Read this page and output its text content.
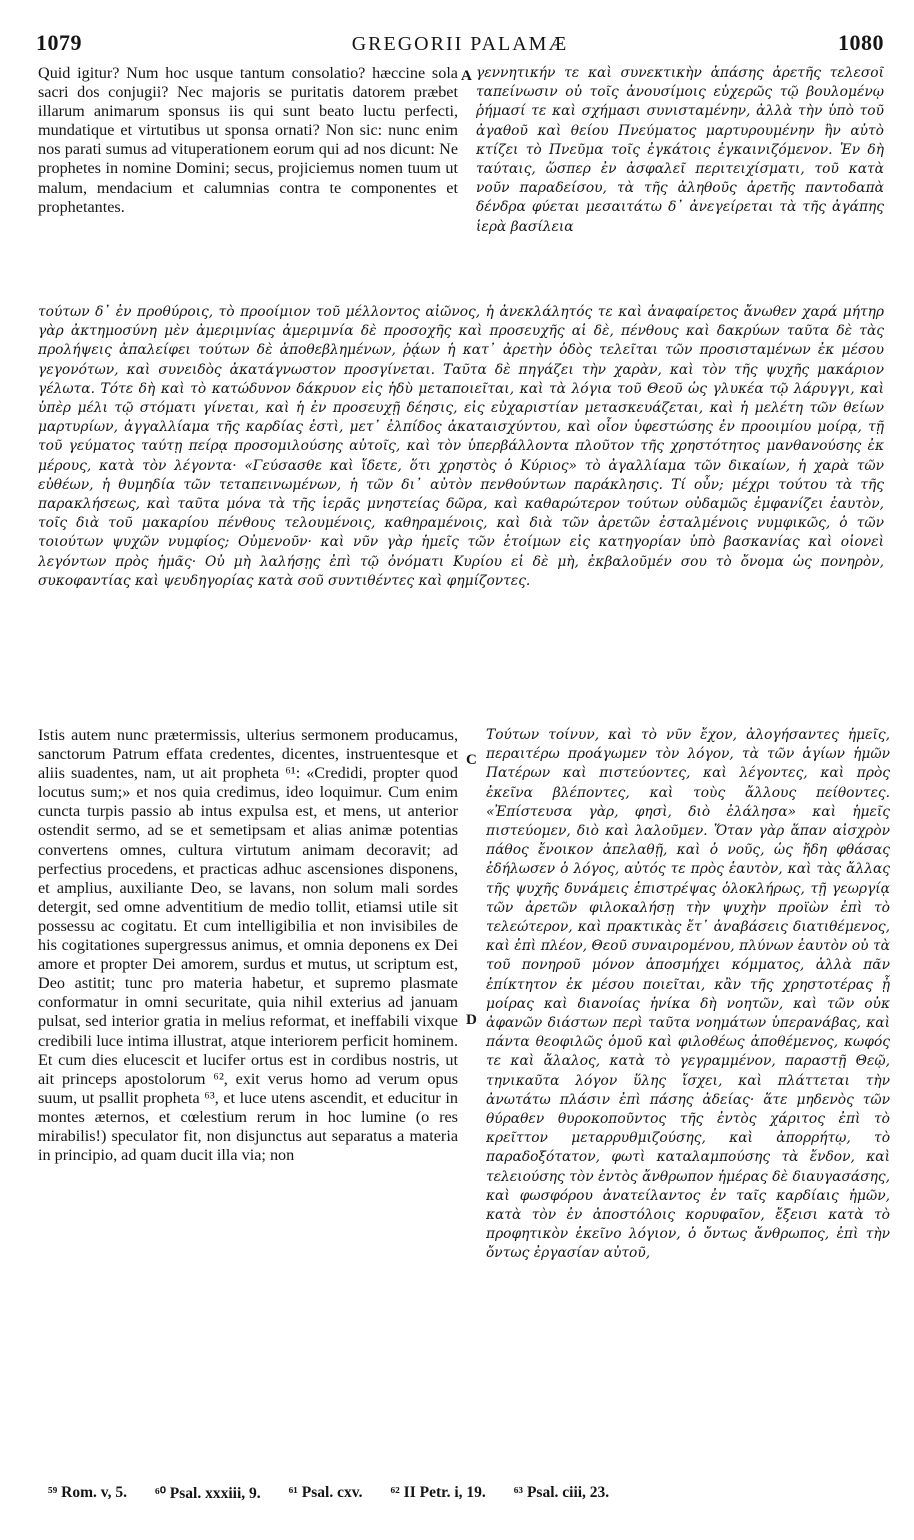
1079	GREGORII PALAMÆ	1080

Quid igitur? Num hoc usque tantum consolatio? hæccine sola sacri dos conjugii? Nec majoris se puritatis datorem præbet illarum animarum sponsus iis qui sunt beato luctu perfecti, mundatique et virtutibus ut sponsa ornati? Non sic: nunc enim nos parati sumus ad vituperationem eorum qui ad nos dicunt: Ne prophetes in nomine Domini; secus, projiciemus nomen tuum ut malum, mendacium et calumnias contra te componentes et prophetantes.

A γεννητικήν τε καὶ συνεκτικὴν ἁπάσης ἀρετῆς τελεσοῖ ταπείνωσιν οὐ τοῖς ἀνουσίμοις εὐχερῶς τῷ βουλομένῳ ῥήμασί τε καὶ σχήμασι συνισταμένην, ἀλλὰ τὴν ὑπὸ τοῦ ἀγαθοῦ καὶ θείου Πνεύματος μαρτυρουμένην ἣν αὐτὸ κτίζει τὸ Πνεῦμα τοῖς ἐγκάτοις ἐγκαινιζόμενον. Ἐν δὴ ταύταις, ὥσπερ ἐν ἀσφαλεῖ περιτειχίσματι, τοῦ κατὰ νοῦν παραδείσου, τὰ τῆς ἀληθοῦς ἀρετῆς παντοδαπὰ δένδρα φύεται μεσαιτάτω δ᾽ ἀνεγείρεται τὰ τῆς ἀγάπης ἱερὰ βασίλεια

τούτων δ᾽ ἐν προθύροις, τὸ προοίμιον τοῦ μέλλοντος αἰῶνος, ἡ ἀνεκλάλητός τε καὶ ἀναφαίρετος ἄνωθεν χαρά μήτηρ γὰρ ἀκτημοσύνη μὲν ἀμεριμνίας ἀμεριμνία δὲ προσοχῆς καὶ προσευχῆς αἱ δὲ, πένθους καὶ δακρύων ταῦτα δὲ τὰς προλήψεις ἀπαλείφει τούτων δὲ ἀποθεβλημένων, ῥᾴων ἡ κατ᾽ ἀρετὴν ὁδὸς τελεῖται τῶν προσισταμένων ἐκ μέσου γεγονότων, καὶ συνειδὸς ἀκατάγνωστον προσγίνεται. Ταῦτα δὲ πηγάζει τὴν χαρὰν, καὶ τὸν τῆς ψυχῆς μακάριον γέλωτα. Τότε δὴ καὶ τὸ κατώδυνον δάκρυον εἰς ἡδὺ μεταποιεῖται, καὶ τὰ λόγια τοῦ Θεοῦ ὡς γλυκέα τῷ λάρυγγι, καὶ ὑπὲρ μέλι τῷ στόματι γίνεται, καὶ ἡ ἐν προσευχῇ δέησις, εἰς εὐχαριστίαν μετασκευάζεται, καὶ ἡ μελέτη τῶν θείων μαρτυρίων, ἀγγαλλίαμα τῆς καρδίας ἐστὶ, μετ᾽ ἐλπίδος ἀκαταισχύντου, καὶ οἷον ὑφεστώσης ἐν προοιμίου μοίρᾳ, τῇ τοῦ γεύματος ταύτῃ πείρᾳ προσομιλούσης αὐτοῖς, καὶ τὸν ὑπερβάλλοντα πλοῦτον τῆς χρηστότητος μανθανούσης ἐκ μέρους, κατὰ τὸν λέγοντα· «Γεύσασθε καὶ ἴδετε, ὅτι χρηστὸς ὁ Κύριος» τὸ ἀγαλλίαμα τῶν δικαίων, ἡ χαρὰ τῶν εὐθέων, ἡ θυμηδία τῶν τεταπεινωμένων, ἡ τῶν δι᾽ αὐτὸν πενθούντων παράκλησις. Τί οὖν; μέχρι τούτου τὰ τῆς παρακλήσεως, καὶ ταῦτα μόνα τὰ τῆς ἱερᾶς μνηστείας δῶρα, καὶ καθαρώτερον τούτων οὐδαμῶς ἐμφανίζει ἑαυτὸν, τοῖς διὰ τοῦ μακαρίου πένθους τελουμένοις, καθηραμένοις, καὶ διὰ τῶν ἀρετῶν ἐσταλμένοις νυμφικῶς, ὁ τῶν τοιούτων ψυχῶν νυμφίος; Οὐμενοῦν· καὶ νῦν γὰρ ἡμεῖς τῶν ἑτοίμων εἰς κατηγορίαν ὑπὸ βασκανίας καὶ οἱονεὶ λεγόντων πρὸς ἡμᾶς· Οὐ μὴ λαλήσῃς ἐπὶ τῷ ὀνόματι Κυρίου εἰ δὲ μὴ, ἐκβαλοῦμέν σου τὸ ὄνομα ὡς πονηρὸν, συκοφαντίας καὶ ψευδηγορίας κατὰ σοῦ συντιθέντες καὶ φημίζοντες.

Istis autem nunc prætermissis, ulterius sermonem producamus, sanctorum Patrum effata credentes, dicentes, instruentesque et aliis suadentes, nam, ut ait propheta ⁶¹: «Credidi, propter quod locutus sum;» et nos quia credimus, ideo loquimur. Cum enim cuncta turpis passio ab intus expulsa est, et mens, ut anterior ostendit sermo, ad se et semetipsam et alias animæ potentias convertens omnes, cultura virtutum animam decoravit; ad perfectius procedens, et practicas adhuc ascensiones disponens, et amplius, auxiliante Deo, se lavans, non solum mali sordes detergit, sed omne adventitium de medio tollit, etiamsi utile sit possessu ac cogitatu. Et cum intelligibilia et non invisibiles de his cogitationes supergressus animus, et omnia deponens ex Dei amore et propter Dei amorem, surdus et mutus, ut scriptum est, Deo astitit; tunc pro materia habetur, et supremo plasmate conformatur in omni securitate, quia nihil exterius ad januam pulsat, sed interior gratia in melius reformat, et ineffabili vixque credibili luce intima illustrat, atque interiorem perficit hominem. Et cum dies elucescit et lucifer ortus est in cordibus nostris, ut ait princeps apostolorum ⁶², exit verus homo ad verum opus suum, ut psallit propheta ⁶³, et luce utens ascendit, et educitur in montes æternos, et cœlestium rerum in hoc lumine (o res mirabilis!) speculator fit, non disjunctus aut separatus a materia in principio, ad quam ducit illa via; non

C
D

Τούτων τοίνυν, καὶ τὸ νῦν ἔχον, ἀλογήσαντες ἡμεῖς, περαιτέρω προάγωμεν τὸν λόγον, τὰ τῶν ἁγίων ἡμῶν Πατέρων καὶ πιστεύοντες, καὶ λέγοντες, καὶ πρὸς ἐκεῖνα βλέποντες, καὶ τοὺς ἄλλους πείθοντες. «Ἐπίστευσα γὰρ, φησὶ, διὸ ἐλάλησα» καὶ ἡμεῖς πιστεύομεν, διὸ καὶ λαλοῦμεν. Ὅταν γὰρ ἅπαν αἰσχρὸν πάθος ἔνοικον ἀπελαθῇ, καὶ ὁ νοῦς, ὡς ἤδη φθάσας ἐδήλωσεν ὁ λόγος, αὐτός τε πρὸς ἑαυτὸν, καὶ τὰς ἄλλας τῆς ψυχῆς δυνάμεις ἐπιστρέψας ὁλοκλήρως, τῇ γεωργίᾳ τῶν ἀρετῶν φιλοκαλήσῃ τὴν ψυχὴν προϊὼν ἐπὶ τὸ τελεώτερον, καὶ πρακτικὰς ἔτ᾽ ἀναβάσεις διατιθέμενος, καὶ ἐπὶ πλέον, Θεοῦ συναιρομένου, πλύνων ἑαυτὸν οὐ τὰ τοῦ πονηροῦ μόνον ἀποσμήχει κόμματος, ἀλλὰ πᾶν ἐπίκτητον ἐκ μέσου ποιεῖται, κἂν τῆς χρηστοτέρας ᾖ μοίρας καὶ διανοίας ἡνίκα δὴ νοητῶν, καὶ τῶν οὐκ ἀφανῶν διάστων περὶ ταῦτα νοημάτων ὑπερανάβας, καὶ πάντα θεοφιλῶς ὁμοῦ καὶ φιλοθέως ἀποθέμενος, κωφός τε καὶ ἄλαλος, κατὰ τὸ γεγραμμένον, παραστῇ Θεῷ, τηνικαῦτα λόγον ὕλης ἴσχει, καὶ πλάττεται τὴν ἀνωτάτω πλάσιν ἐπὶ πάσης ἀδείας· ἅτε μηδενὸς τῶν θύραθεν θυροκοποῦντος τῆς ἐντὸς χάριτος ἐπὶ τὸ κρεῖττον μεταρρυθμιζούσης, καὶ ἀπορρήτῳ, τὸ παραδοξότατον, φωτὶ καταλαμπούσης τὰ ἔνδον, καὶ τελειούσης τὸν ἐντὸς ἄνθρωπον ἡμέρας δὲ διαυγασάσης, καὶ φωσφόρου ἀνατείλαντος ἐν ταῖς καρδίαις ἡμῶν, κατὰ τὸν ἐν ἀποστόλοις κορυφαῖον, ἔξεισι κατὰ τὸ προφητικὸν ἐκεῖνο λόγιον, ὁ ὄντως ἄνθρωπος, ἐπὶ τὴν ὄντως ἐργασίαν αὐτοῦ,

⁵⁹ Rom. v, 5. ⁶⁰ Psal. xxxiii, 9. ⁶¹ Psal. cxv. ⁶² II Petr. i, 19. ⁶³ Psal. ciii, 23.
